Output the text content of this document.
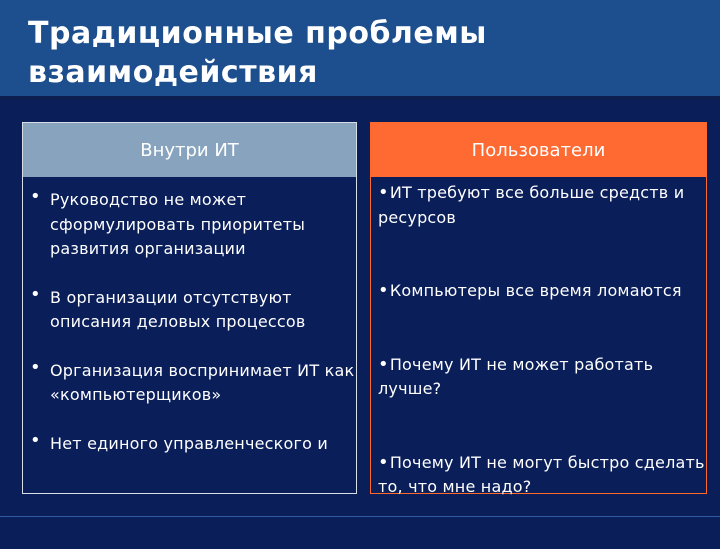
Традиционные проблемы
взаимодействия
Внутри ИТ	Пользователи
• Руководство не может сформулировать приоритеты развития организации
• В организации отсутствуют описания деловых процессов
• Организация воспринимает ИТ как «компьютерщиков»
• Нет единого управленческого и
•ИТ требуют все больше средств и ресурсов
•Компьютеры все время ломаются
•Почему ИТ не может работать лучше?
•Почему ИТ не могут быстро сделать то, что мне надо?
